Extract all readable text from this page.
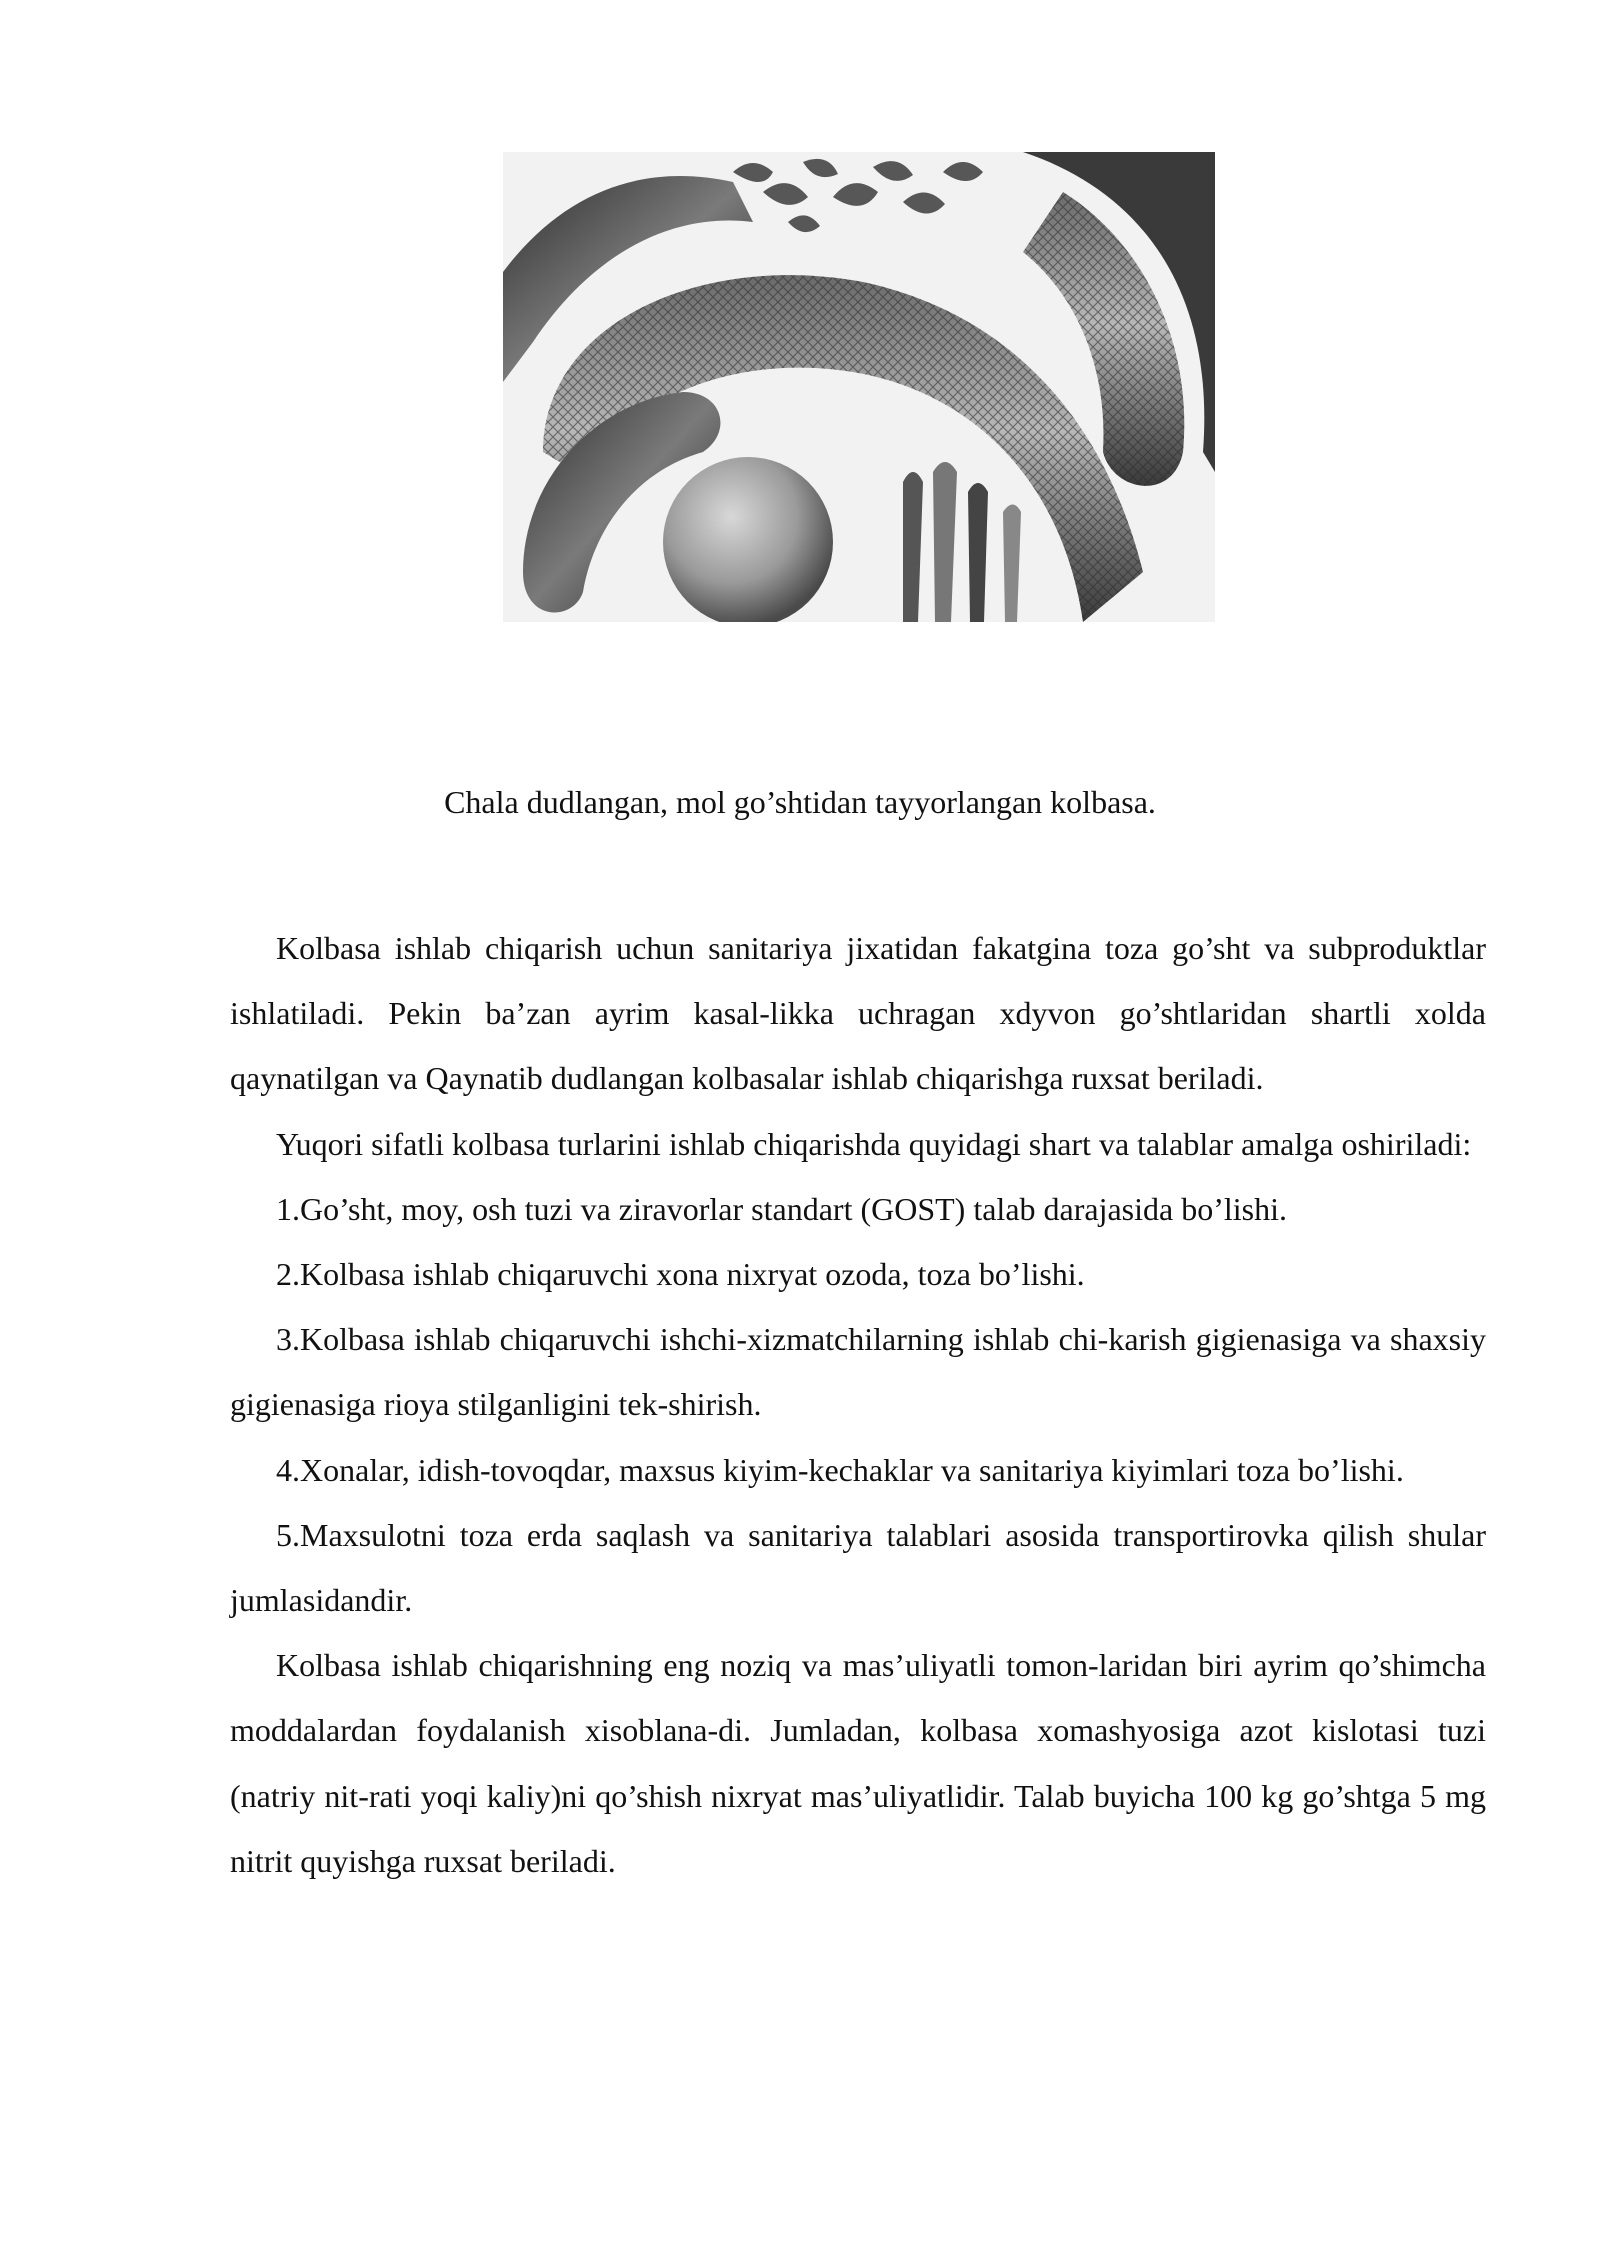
Chala dudlangan, mol go’shtidan tayyorlangan kolbasa.

Kolbasa ishlab chiqarish uchun sanitariya jixatidan fakatgina toza go’sht va subproduktlar ishlatiladi. Pekin ba’zan ayrim kasal-likka uchragan xdyvon go’shtlaridan shartli xolda qaynatilgan va Qaynatib dudlangan kolbasalar ishlab chiqarishga ruxsat beriladi.

Yuqori sifatli kolbasa turlarini ishlab chiqarishda quyidagi shart va talablar amalga oshiriladi:

1.Go’sht, moy, osh tuzi va ziravorlar standart (GOST) talab darajasida bo’lishi.

2.Kolbasa ishlab chiqaruvchi xona nixryat ozoda, toza bo’lishi.

3.Kolbasa ishlab chiqaruvchi ishchi-xizmatchilarning ishlab chi-karish gigienasiga va shaxsiy gigienasiga rioya stilganligini tek-shirish.

4.Xonalar, idish-tovoqdar, maxsus kiyim-kechaklar va sanitariya kiyimlari toza bo’lishi.

5.Maxsulotni toza erda saqlash va sanitariya talablari asosida transportirovka qilish shular jumlasidandir.

Kolbasa ishlab chiqarishning eng noziq va mas’uliyatli tomon-laridan biri ayrim qo’shimcha moddalardan foydalanish xisoblana-di. Jumladan, kolbasa xomashyosiga azot kislotasi tuzi (natriy nit-rati yoqi kaliy)ni qo’shish nixryat mas’uliyatlidir. Talab buyicha 100 kg go’shtga 5 mg nitrit quyishga ruxsat beriladi.
